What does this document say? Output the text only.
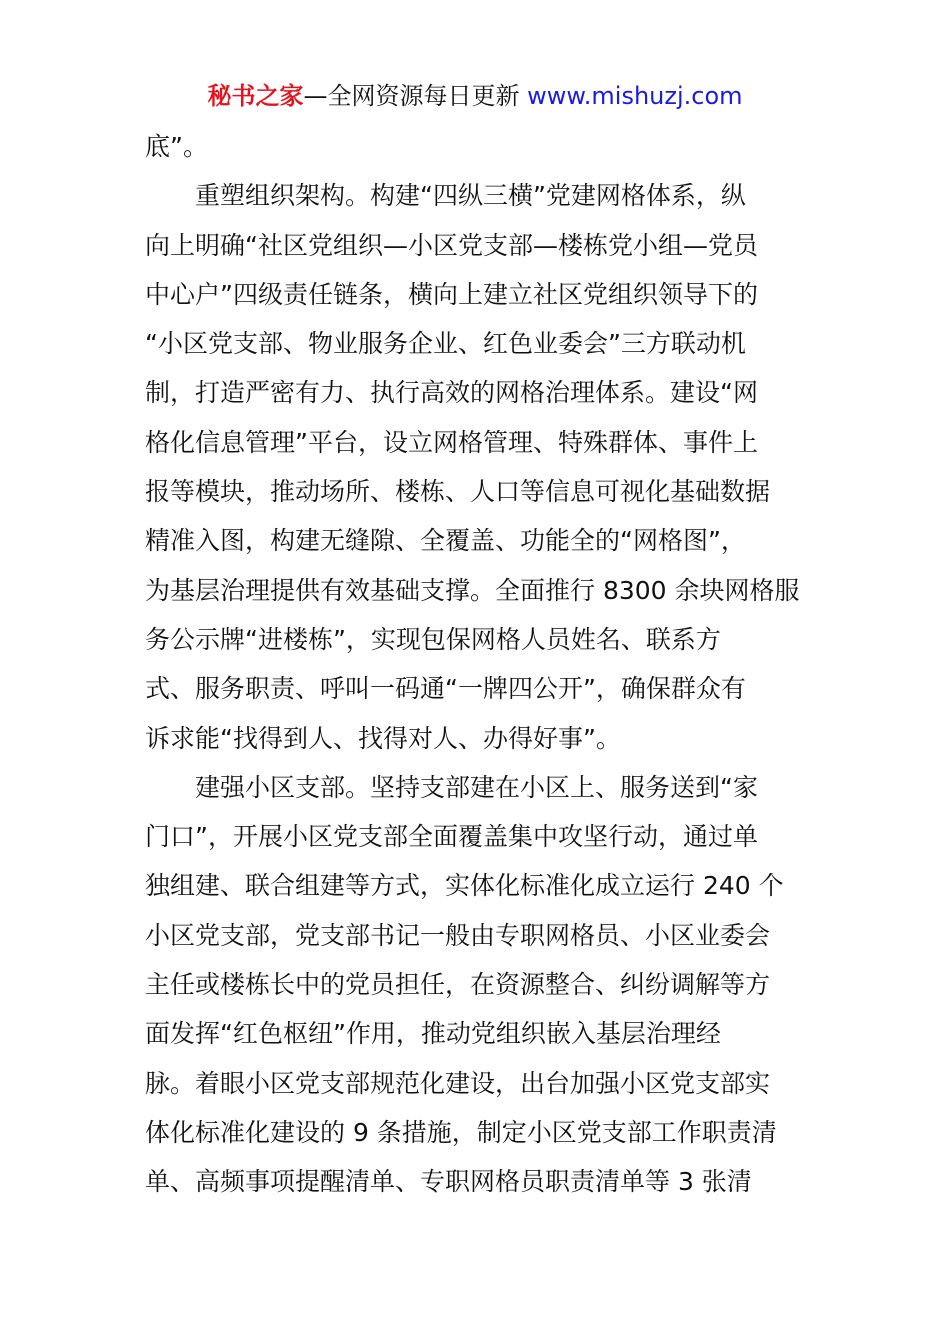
秘书之家—全网资源每日更新 www.mishuzj.com
底”。
重塑组织架构。构建“四纵三横”党建网格体系，纵
向上明确“社区党组织—小区党支部—楼栋党小组—党员
中心户”四级责任链条，横向上建立社区党组织领导下的
“小区党支部、物业服务企业、红色业委会”三方联动机
制，打造严密有力、执行高效的网格治理体系。建设“网
格化信息管理”平台，设立网格管理、特殊群体、事件上
报等模块，推动场所、楼栋、人口等信息可视化基础数据
精准入图，构建无缝隙、全覆盖、功能全的“网格图”，
为基层治理提供有效基础支撑。全面推行 8300 余块网格服
务公示牌“进楼栋”，实现包保网格人员姓名、联系方
式、服务职责、呼叫一码通“一牌四公开”，确保群众有
诉求能“找得到人、找得对人、办得好事”。
建强小区支部。坚持支部建在小区上、服务送到“家
门口”，开展小区党支部全面覆盖集中攻坚行动，通过单
独组建、联合组建等方式，实体化标准化成立运行 240 个
小区党支部，党支部书记一般由专职网格员、小区业委会
主任或楼栋长中的党员担任，在资源整合、纠纷调解等方
面发挥“红色枢纽”作用，推动党组织嵌入基层治理经
脉。着眼小区党支部规范化建设，出台加强小区党支部实
体化标准化建设的 9 条措施，制定小区党支部工作职责清
单、高频事项提醒清单、专职网格员职责清单等 3 张清
